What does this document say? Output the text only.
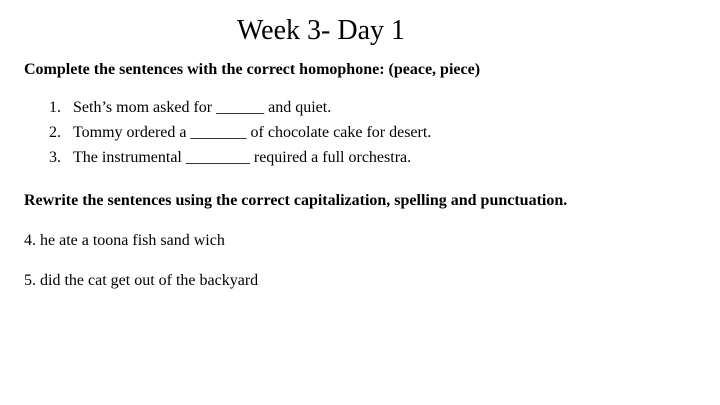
Week 3- Day 1

Complete the sentences with the correct homophone: (peace, piece)

1. Seth’s mom asked for ______ and quiet.
2. Tommy ordered a _______ of chocolate cake for desert.
3. The instrumental ________ required a full orchestra.

Rewrite the sentences using the correct capitalization, spelling and punctuation.

4. he ate a toona fish sand wich

5. did the cat get out of the backyard
